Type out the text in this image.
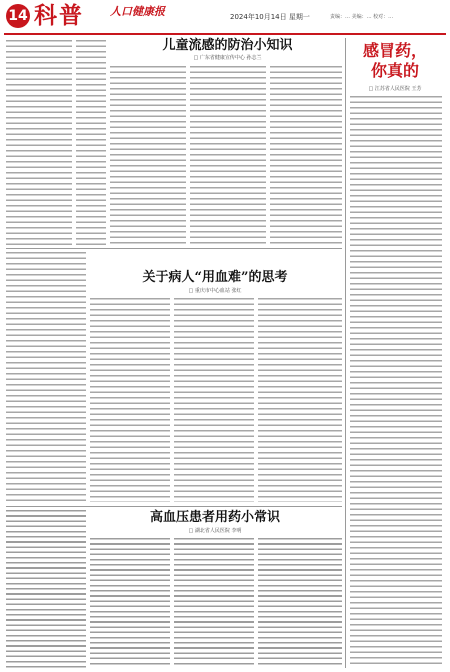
14 科普 人口健康报	2024年10月14日 星期一	责编：… 美编：… 校对：…
儿童流感的防治小知识
□ 广东省健康宣传中心 孙志兰	感冒药，
你真的
□ 江苏省人民医院 王芳
关于病人“用血难”的思考
□ 重庆市中心血站 张红
高血压患者用药小常识
□ 湖北省人民医院 李明
